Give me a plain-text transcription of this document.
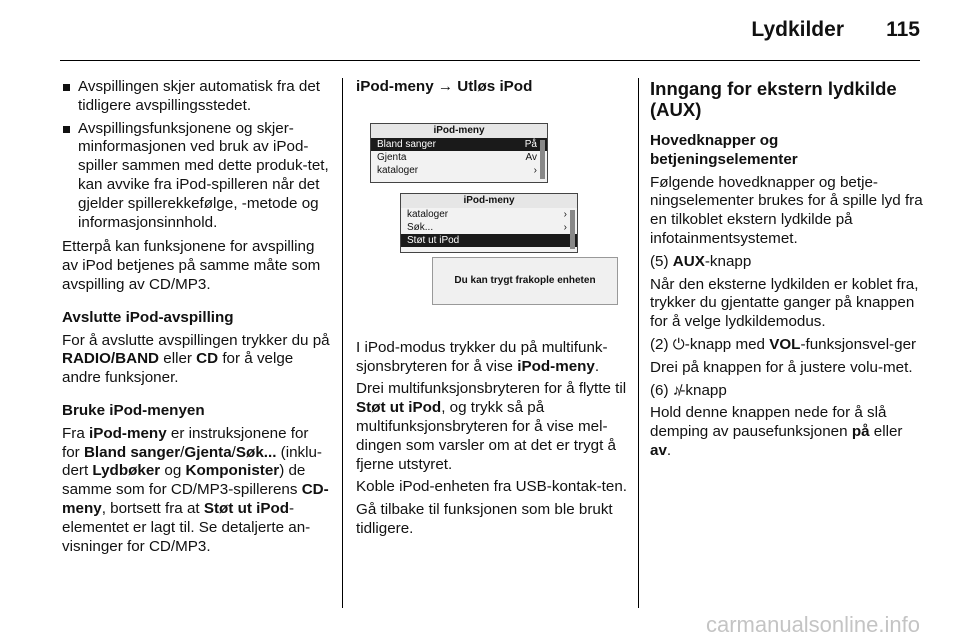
Lydkilder 115
Avspillingen skjer automatisk fra det tidligere avspillingsstedet.
Avspillingsfunksjonene og skjer-minformasjonen ved bruk av iPod-spiller sammen med dette produk-tet, kan avvike fra iPod-spilleren når det gjelder spillerekkefølge, -metode og informasjonsinnhold.

Etterpå kan funksjonene for avspilling av iPod betjenes på samme måte som avspilling av CD/MP3.

Avslutte iPod-avspilling

For å avslutte avspillingen trykker du på RADIO/BAND eller CD for å velge andre funksjoner.

Bruke iPod-menyen

Fra iPod-meny er instruksjonene for for Bland sanger/Gjenta/Søk... (inklu-dert Lydbøker og Komponister) de samme som for CD/MP3-spillerens CD-meny, bortsett fra at Støt ut iPod-elementet er lagt til. Se detaljerte an-visninger for CD/MP3.

iPod-meny → Utløs iPod

iPod-meny
Bland sanger	På
Gjenta	Av
kataloger	›
iPod-meny
kataloger	›
Søk...	›
Støt ut iPod
Du kan trygt frakople enheten

I iPod-modus trykker du på multifunk-sjonsbryteren for å vise iPod-meny.

Drei multifunksjonsbryteren for å flytte til Støt ut iPod, og trykk så på multifunksjonsbryteren for å vise mel-dingen som varsler om at det er trygt å fjerne utstyret.

Koble iPod-enheten fra USB-kontak-ten.

Gå tilbake til funksjonen som ble brukt tidligere.

Inngang for ekstern lydkilde (AUX)

Hovedknapper og betjeningselementer

Følgende hovedknapper og betje-ningselementer brukes for å spille lyd fra en tilkoblet ekstern lydkilde på infotainmentsystemet.

(5) AUX-knapp

Når den eksterne lydkilden er koblet fra, trykker du gjentatte ganger på knappen for å velge lydkildemodus.

(2) ⏻-knapp med VOL-funksjonsvel-ger

Drei på knappen for å justere volu-met.

(6) ♪̸-knapp

Hold denne knappen nede for å slå demping av pausefunksjonen på eller av.

carmanualsonline.info
